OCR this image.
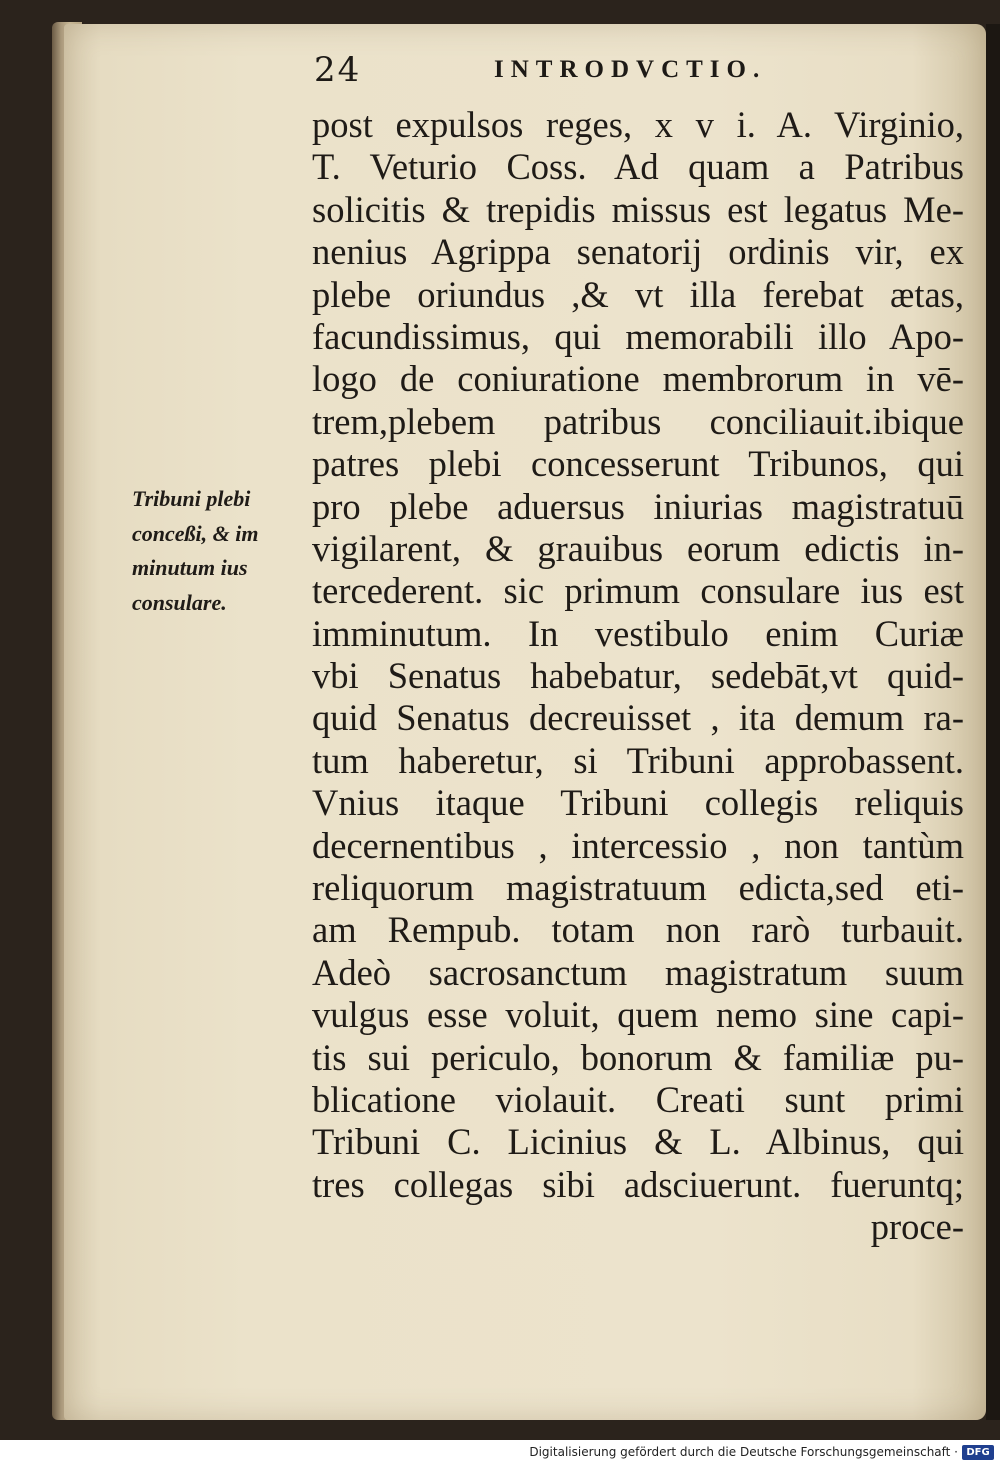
24	INTRODVCTIO.
Tribuni plebi
conceßi, & im
minutum ius
consulare.
post expulsos reges, x v i. A. Virginio,
T. Veturio Coss. Ad quam a Patribus
solicitis & trepidis missus est legatus Me-
nenius Agrippa senatorij ordinis vir, ex
plebe oriundus ,& vt illa ferebat ætas,
facundissimus, qui memorabili illo Apo-
logo de coniuratione membrorum in vē-
trem,plebem patribus conciliauit.ibique
patres plebi concesserunt Tribunos, qui
pro plebe aduersus iniurias magistratuū
vigilarent, & grauibus eorum edictis in-
tercederent. sic primum consulare ius est
imminutum. In vestibulo enim Curiæ
vbi Senatus habebatur, sedebāt,vt quid-
quid Senatus decreuisset , ita demum ra-
tum haberetur, si Tribuni approbassent.
Vnius itaque Tribuni collegis reliquis
decernentibus , intercessio , non tantùm
reliquorum magistratuum edicta,sed eti-
am Rempub. totam non rarò turbauit.
Adeò sacrosanctum magistratum suum
vulgus esse voluit, quem nemo sine capi-
tis sui periculo, bonorum & familiæ pu-
blicatione violauit. Creati sunt primi
Tribuni C. Licinius & L. Albinus, qui
tres collegas sibi adsciuerunt. fueruntq;
proce-
Digitalisierung gefördert durch die Deutsche Forschungsgemeinschaft · DFG
